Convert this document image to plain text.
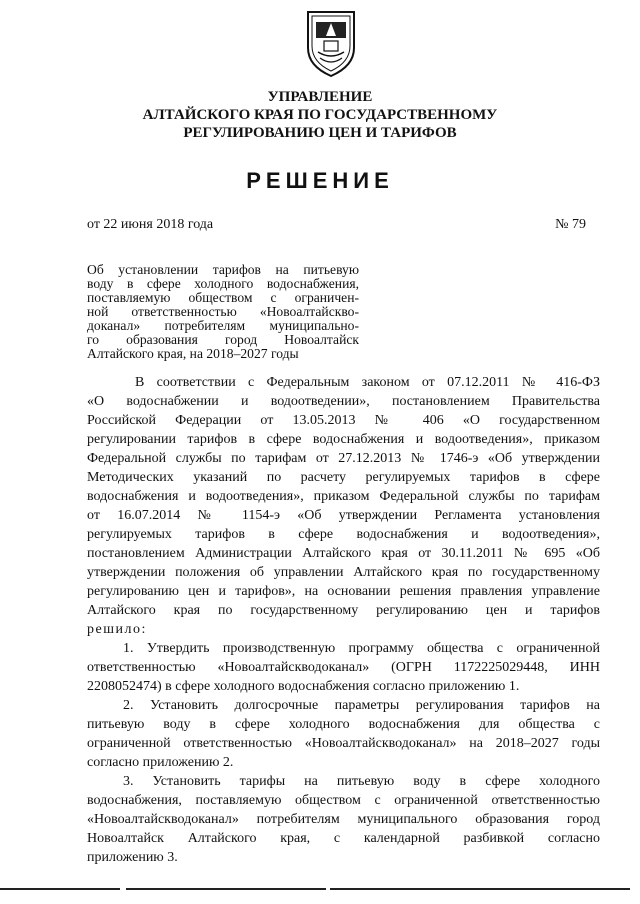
УПРАВЛЕНИЕ
АЛТАЙСКОГО КРАЯ ПО ГОСУДАРСТВЕННОМУ
РЕГУЛИРОВАНИЮ ЦЕН И ТАРИФОВ
РЕШЕНИЕ
от 22 июня 2018 года	№ 79
Об установлении тарифов на питьевую
воду в сфере холодного водоснабжения,
поставляемую обществом с ограничен-
ной ответственностью «Новоалтайскво-
доканал» потребителям муниципально-
го образования город Новоалтайск
Алтайского края, на 2018–2027 годы
В соответствии с Федеральным законом от 07.12.2011 № 416-ФЗ
«О водоснабжении и водоотведении», постановлением Правительства
Российской Федерации от 13.05.2013 № 406 «О государственном
регулировании тарифов в сфере водоснабжения и водоотведения», приказом
Федеральной службы по тарифам от 27.12.2013 № 1746-э «Об утверждении
Методических указаний по расчету регулируемых тарифов в сфере
водоснабжения и водоотведения», приказом Федеральной службы по тарифам
от 16.07.2014 № 1154-э «Об утверждении Регламента установления
регулируемых тарифов в сфере водоснабжения и водоотведения»,
постановлением Администрации Алтайского края от 30.11.2011 № 695 «Об
утверждении положения об управлении Алтайского края по государственному
регулированию цен и тарифов», на основании решения правления управление
Алтайского края по государственному регулированию цен и тарифов
решило:
1. Утвердить производственную программу общества с ограниченной
ответственностью «Новоалтайскводоканал» (ОГРН 1172225029448, ИНН
2208052474) в сфере холодного водоснабжения согласно приложению 1.
2. Установить долгосрочные параметры регулирования тарифов на
питьевую воду в сфере холодного водоснабжения для общества с
ограниченной ответственностью «Новоалтайскводоканал» на 2018–2027 годы
согласно приложению 2.
3. Установить тарифы на питьевую воду в сфере холодного
водоснабжения, поставляемую обществом с ограниченной ответственностью
«Новоалтайскводоканал» потребителям муниципального образования город
Новоалтайск Алтайского края, с календарной разбивкой согласно
приложению 3.
